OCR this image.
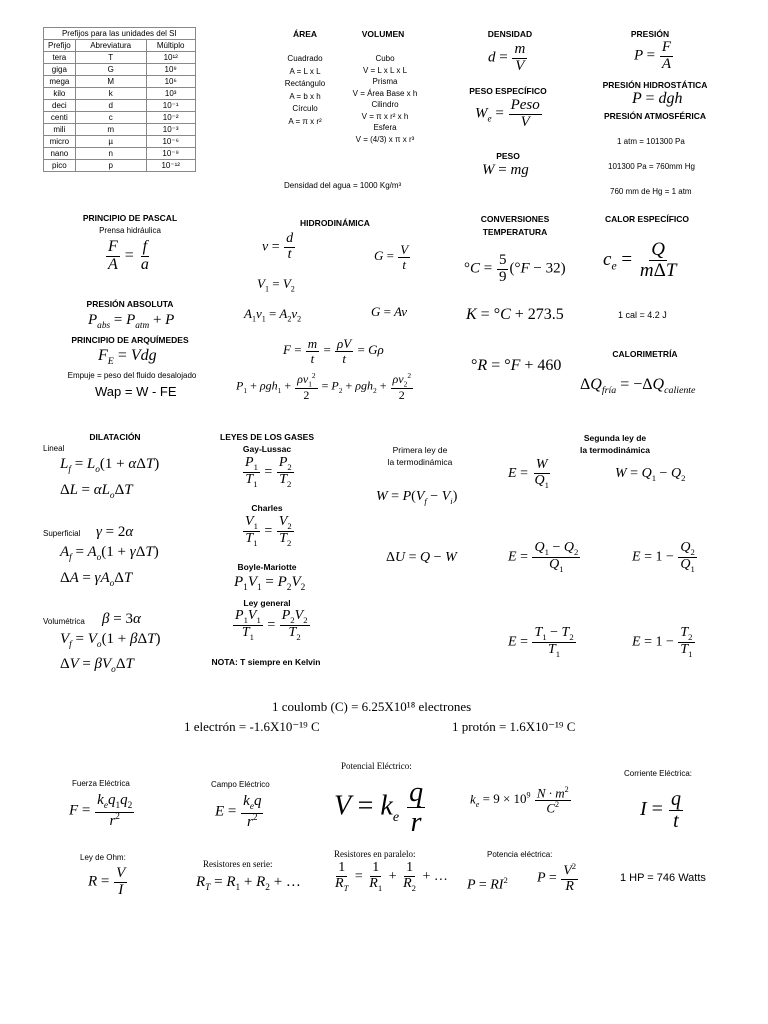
Prefijos para las unidades del SI		
Prefijo	Abreviatura	Múltiplo
tera	T	10¹²
giga	G	10⁹
mega	M	10⁶
kilo	k	10³
deci	d	10⁻¹
centi	c	10⁻²
mili	m	10⁻³
micro	µ	10⁻⁶
nano	n	10⁻⁹
pico	p	10⁻¹²
ÁREA
Cuadrado
A = L x L
Rectángulo
A = b x h
Círculo
A = π x r²
VOLUMEN
Cubo
V = L x L x L
Prisma
V = Área Base x h
Cilindro
V = π x r² x h
Esfera
V = (4/3) x π x r³
Densidad del agua = 1000 Kg/m³
DENSIDAD
$d = \frac{m}{V}$
PESO ESPECÍFICO
$W_e = \frac{\text{Peso}}{V}$
PESO
W = mg
PRESIÓN
$P = \frac{F}{A}$
PRESIÓN HIDROSTÁTICA
P = dgh
PRESIÓN ATMOSFÉRICA
1 atm = 101300 Pa
101300 Pa = 760mm Hg
760 mm de Hg = 1 atm
PRINCIPIO DE PASCAL
Prensa hidráulica
$\frac{F}{A} = \frac{f}{a}$
PRESIÓN ABSOLUTA
$P_{abs} = P_{atm} + P$
PRINCIPIO DE ARQUÍMEDES
$F_E$ = Vdg
Empuje = peso del fluido desalojado
Wap = W - FE
HIDRODINÁMICA
$v = \frac{d}{t}$	$G = \frac{V}{t}$
$V_1 = V_2$
$A_1v_1 = A_2v_2$
G = Av
$F = \frac{m}{t} = \frac{\rho V}{t} = G\rho$
$P_1 + \rho gh_1 + \frac{\rho v_1^2}{2} = P_2 + \rho gh_2 + \frac{\rho v_2^2}{2}$
CONVERSIONES
TEMPERATURA
$^\circ C = \frac{5}{9} (^\circ F - 32)$
K = °C + 273.5
°R = °F + 460
CALOR ESPECÍFICO
$c_e = \frac{Q}{\text{mΔT}}$
1 cal = 4.2 J
CALORIMETRÍA
$\Delta Q_{fría} = -\Delta Q_{caliente}$
DILATACIÓN
Lineal
$L_f = L_o(1 + \alpha\Delta T)$
$\Delta L = \alpha L_o\Delta T$
Superficial γ = 2α
$A_f = A_o(1 + \gamma\Delta T)$
$\Delta A = \gamma A_o\Delta T$
Volumétrica β = 3α
$V_f = V_o(1 + \beta\Delta T)$
$\Delta V = \beta V_o\Delta T$
LEYES DE LOS GASES
Gay-Lussac
$\frac{P_1}{T_1} = \frac{P_2}{T_2}$
Charles
$\frac{V_1}{T_1} = \frac{V_2}{T_2}$
Boyle-Mariotte
$P_1V_1 = P_2V_2$
Ley general
$\frac{P_1V_1}{T_1} = \frac{P_2V_2}{T_2}$
NOTA: T siempre en Kelvin
Primera ley de
la termodinámica
$W = P(V_f - V_i)$
ΔU = Q − W
Segunda ley de
la termodinámica
$E = \frac{W}{Q_1}$	$W = Q_1 - Q_2$
$E = \frac{Q_1 - Q_2}{Q_1}$	$E = 1 - \frac{Q_2}{Q_1}$
$E = \frac{T_1 - T_2}{T_1}$	$E = 1 - \frac{T_2}{T_1}$
1 coulomb (C) = 6.25X10¹⁸ electrones
1 electrón = -1.6X10⁻¹⁹ C	1 protón = 1.6X10⁻¹⁹ C
Potencial Eléctrico:
Fuerza Eléctrica	Campo Eléctrico
Corriente Eléctrica:
$F = \frac{k_eq_1q_2}{r^2}$	$E = \frac{k_eq}{r^2}$	$V = k_e \frac{q}{r}$	$k_e = 9 \times 10^9 \frac{N \cdot m^2}{C^2}$	$I = \frac{q}{t}$
Ley de Ohm:
Resistores en serie:
Resistores en paralelo:	Potencia eléctrica:
$R = \frac{V}{I}$	$R_T = R_1 + R_2$ + … $\frac{1}{R_T} = \frac{1}{R_1} + \frac{1}{R_2}$ + …
$P = RI^2$ $P = \frac{V^2}{R}$	1 HP = 746 Watts
